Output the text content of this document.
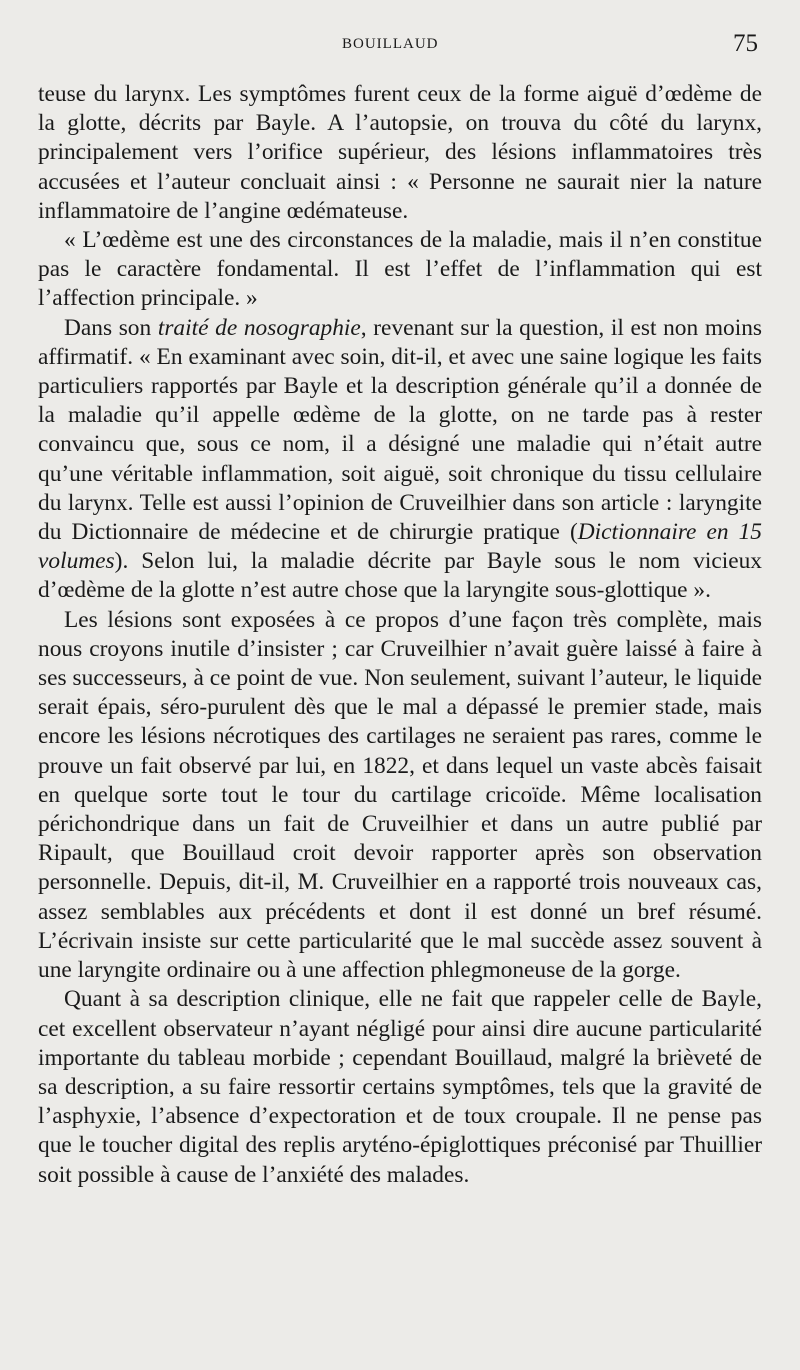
BOUILLAUD	75

teuse du larynx. Les symptômes furent ceux de la forme aiguë d’œdème de la glotte, décrits par Bayle. A l’autopsie, on trouva du côté du larynx, principalement vers l’orifice supérieur, des lésions inflammatoires très accusées et l’auteur concluait ainsi : « Personne ne saurait nier la nature inflammatoire de l’angine œdémateuse.

« L’œdème est une des circonstances de la maladie, mais il n’en constitue pas le caractère fondamental. Il est l’effet de l’inflammation qui est l’affection principale. »

Dans son traité de nosographie, revenant sur la question, il est non moins affirmatif. « En examinant avec soin, dit-il, et avec une saine logique les faits particuliers rapportés par Bayle et la description générale qu’il a donnée de la maladie qu’il appelle œdème de la glotte, on ne tarde pas à rester convaincu que, sous ce nom, il a désigné une maladie qui n’était autre qu’une véritable inflammation, soit aiguë, soit chronique du tissu cellulaire du larynx. Telle est aussi l’opinion de Cruveilhier dans son article : laryngite du Dictionnaire de médecine et de chirurgie pratique (Dictionnaire en 15 volumes). Selon lui, la maladie décrite par Bayle sous le nom vicieux d’œdème de la glotte n’est autre chose que la laryngite sous-glottique ».

Les lésions sont exposées à ce propos d’une façon très complète, mais nous croyons inutile d’insister ; car Cruveilhier n’avait guère laissé à faire à ses successeurs, à ce point de vue. Non seulement, suivant l’auteur, le liquide serait épais, séro-purulent dès que le mal a dépassé le premier stade, mais encore les lésions nécrotiques des cartilages ne seraient pas rares, comme le prouve un fait observé par lui, en 1822, et dans lequel un vaste abcès faisait en quelque sorte tout le tour du cartilage cricoïde. Même localisation périchondrique dans un fait de Cruveilhier et dans un autre publié par Ripault, que Bouillaud croit devoir rapporter après son observation personnelle. Depuis, dit-il, M. Cruveilhier en a rapporté trois nouveaux cas, assez semblables aux précédents et dont il est donné un bref résumé. L’écrivain insiste sur cette particularité que le mal succède assez souvent à une laryngite ordinaire ou à une affection phlegmoneuse de la gorge.

Quant à sa description clinique, elle ne fait que rappeler celle de Bayle, cet excellent observateur n’ayant négligé pour ainsi dire aucune particularité importante du tableau morbide ; cependant Bouillaud, malgré la brièveté de sa description, a su faire ressortir certains symptômes, tels que la gravité de l’asphyxie, l’absence d’expectoration et de toux croupale. Il ne pense pas que le toucher digital des replis aryténo-épiglottiques préconisé par Thuillier soit possible à cause de l’anxiété des malades.
